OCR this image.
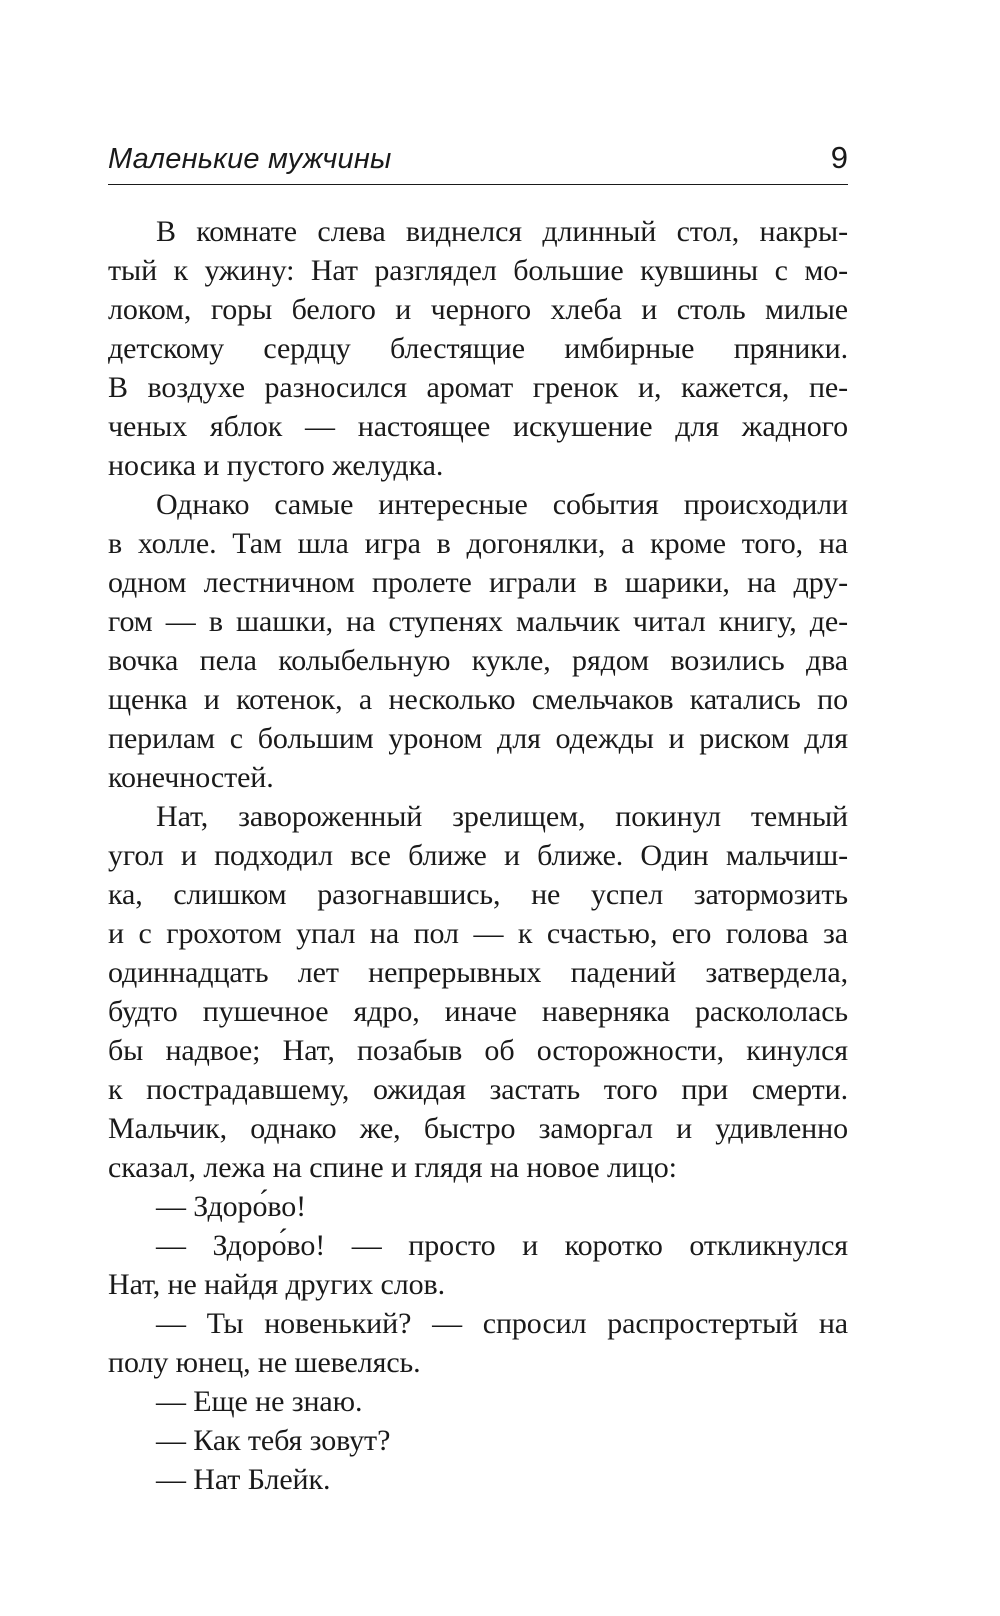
Маленькие мужчины	9
В комнате слева виднелся длинный стол, накры-
тый к ужину: Нат разглядел большие кувшины с мо-
локом, горы белого и черного хлеба и столь милые
детскому сердцу блестящие имбирные пряники.
В воздухе разносился аромат гренок и, кажется, пе-
ченых яблок — настоящее искушение для жадного
носика и пустого желудка.
Однако самые интересные события происходили
в холле. Там шла игра в догонялки, а кроме того, на
одном лестничном пролете играли в шарики, на дру-
гом — в шашки, на ступенях мальчик читал книгу, де-
вочка пела колыбельную кукле, рядом возились два
щенка и котенок, а несколько смельчаков катались по
перилам с большим уроном для одежды и риском для
конечностей.
Нат, завороженный зрелищем, покинул темный
угол и подходил все ближе и ближе. Один мальчиш-
ка, слишком разогнавшись, не успел затормозить
и с грохотом упал на пол — к счастью, его голова за
одиннадцать лет непрерывных падений затвердела,
будто пушечное ядро, иначе наверняка раскололась
бы надвое; Нат, позабыв об осторожности, кинулся
к пострадавшему, ожидая застать того при смерти.
Мальчик, однако же, быстро заморгал и удивленно
сказал, лежа на спине и глядя на новое лицо:
— Здоро́во!
— Здоро́во! — просто и коротко откликнулся
Нат, не найдя других слов.
— Ты новенький? — спросил распростертый на
полу юнец, не шевелясь.
— Еще не знаю.
— Как тебя зовут?
— Нат Блейк.
